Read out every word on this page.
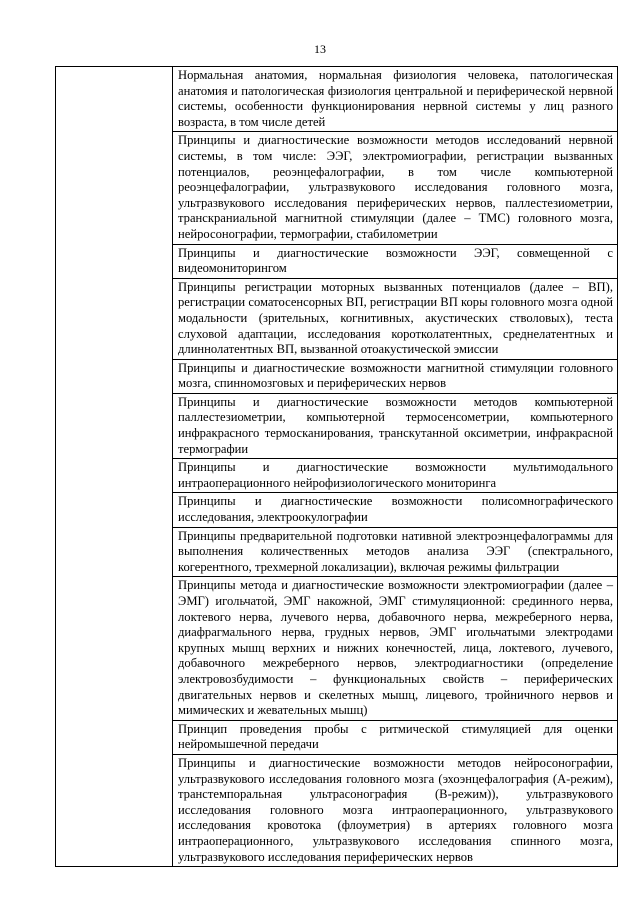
13

Нормальная анатомия, нормальная физиология человека, патологическая анатомия и патологическая физиология центральной и периферической нервной системы, особенности функционирования нервной системы у лиц разного возраста, в том числе детей
Принципы и диагностические возможности методов исследований нервной системы, в том числе: ЭЭГ, электромиографии, регистрации вызванных потенциалов, реоэнцефалографии, в том числе компьютерной реоэнцефалографии, ультразвукового исследования головного мозга, ультразвукового исследования периферических нервов, паллестезиометрии, транскраниальной магнитной стимуляции (далее – ТМС) головного мозга, нейросонографии, термографии, стабилометрии
Принципы и диагностические возможности ЭЭГ, совмещенной с видеомониторингом
Принципы регистрации моторных вызванных потенциалов (далее – ВП), регистрации соматосенсорных ВП, регистрации ВП коры головного мозга одной модальности (зрительных, когнитивных, акустических стволовых), теста слуховой адаптации, исследования коротколатентных, среднелатентных и длиннолатентных ВП, вызванной отоакустической эмиссии
Принципы и диагностические возможности магнитной стимуляции головного мозга, спинномозговых и периферических нервов
Принципы и диагностические возможности методов компьютерной паллестезиометрии, компьютерной термосенсометрии, компьютерного инфракрасного термосканирования, транскутанной оксиметрии, инфракрасной термографии
Принципы и диагностические возможности мультимодального интраоперационного нейрофизиологического мониторинга
Принципы и диагностические возможности полисомнографического исследования, электроокулографии
Принципы предварительной подготовки нативной электроэнцефалограммы для выполнения количественных методов анализа ЭЭГ (спектрального, когерентного, трехмерной локализации), включая режимы фильтрации
Принципы метода и диагностические возможности электромиографии (далее – ЭМГ) игольчатой, ЭМГ накожной, ЭМГ стимуляционной: срединного нерва, локтевого нерва, лучевого нерва, добавочного нерва, межреберного нерва, диафрагмального нерва, грудных нервов, ЭМГ игольчатыми электродами крупных мышц верхних и нижних конечностей, лица, локтевого, лучевого, добавочного межреберного нервов, электродиагностики (определение электровозбудимости – функциональных свойств – периферических двигательных нервов и скелетных мышц, лицевого, тройничного нервов и мимических и жевательных мышц)
Принцип проведения пробы с ритмической стимуляцией для оценки нейромышечной передачи
Принципы и диагностические возможности методов нейросонографии, ультразвукового исследования головного мозга (эхоэнцефалография (А-режим), транстемпоральная ультрасонография (В-режим)), ультразвукового исследования головного мозга интраоперационного, ультразвукового исследования кровотока (флоуметрия) в артериях головного мозга интраоперационного, ультразвукового исследования спинного мозга, ультразвукового исследования периферических нервов
